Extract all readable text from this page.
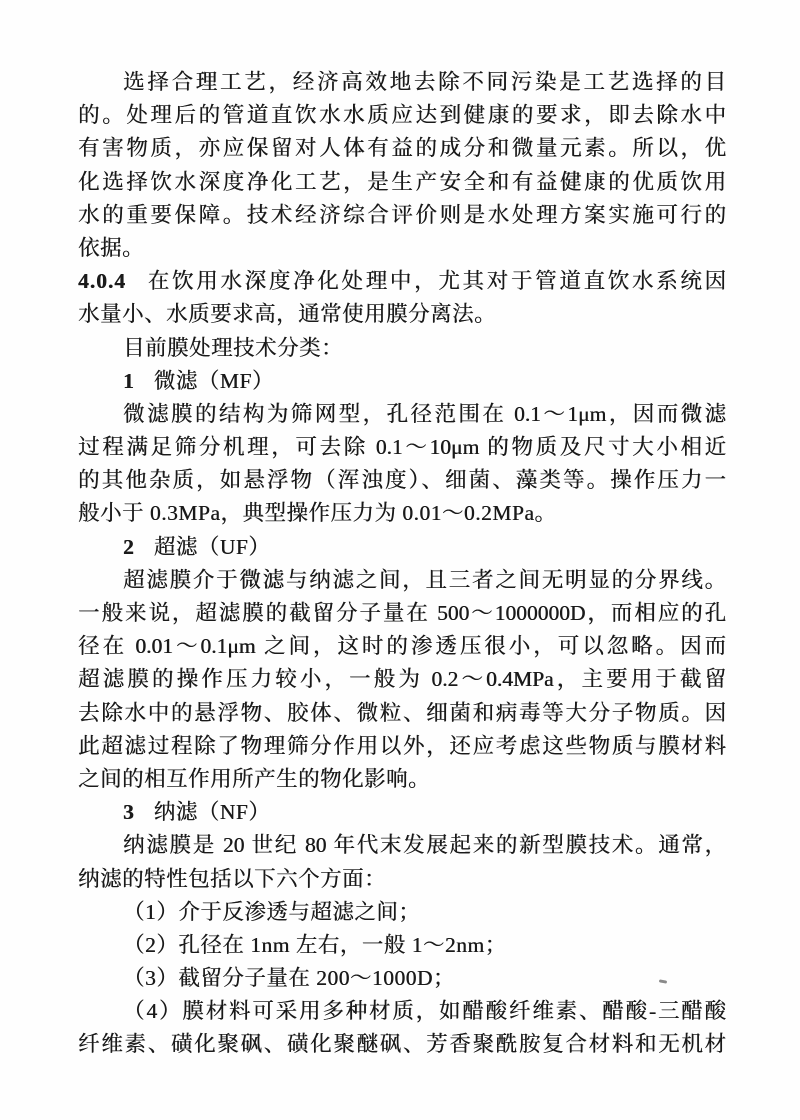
选择合理工艺，经济高效地去除不同污染是工艺选择的目
的。处理后的管道直饮水水质应达到健康的要求，即去除水中
有害物质，亦应保留对人体有益的成分和微量元素。所以，优
化选择饮水深度净化工艺，是生产安全和有益健康的优质饮用
水的重要保障。技术经济综合评价则是水处理方案实施可行的
依据。
4.0.4 在饮用水深度净化处理中，尤其对于管道直饮水系统因
水量小、水质要求高，通常使用膜分离法。
目前膜处理技术分类：
1 微滤（MF）
微滤膜的结构为筛网型，孔径范围在 0.1～1μm，因而微滤
过程满足筛分机理，可去除 0.1～10μm 的物质及尺寸大小相近
的其他杂质，如悬浮物（浑浊度）、细菌、藻类等。操作压力一
般小于 0.3MPa，典型操作压力为 0.01～0.2MPa。
2 超滤（UF）
超滤膜介于微滤与纳滤之间，且三者之间无明显的分界线。
一般来说，超滤膜的截留分子量在 500～1000000D，而相应的孔
径在 0.01～0.1μm 之间，这时的渗透压很小，可以忽略。因而
超滤膜的操作压力较小，一般为 0.2～0.4MPa，主要用于截留
去除水中的悬浮物、胶体、微粒、细菌和病毒等大分子物质。因
此超滤过程除了物理筛分作用以外，还应考虑这些物质与膜材料
之间的相互作用所产生的物化影响。
3 纳滤（NF）
纳滤膜是 20 世纪 80 年代末发展起来的新型膜技术。通常，
纳滤的特性包括以下六个方面：
（1）介于反渗透与超滤之间；
（2）孔径在 1nm 左右，一般 1～2nm；
（3）截留分子量在 200～1000D；
（4）膜材料可采用多种材质，如醋酸纤维素、醋酸-三醋酸
纤维素、磺化聚砜、磺化聚醚砜、芳香聚酰胺复合材料和无机材
